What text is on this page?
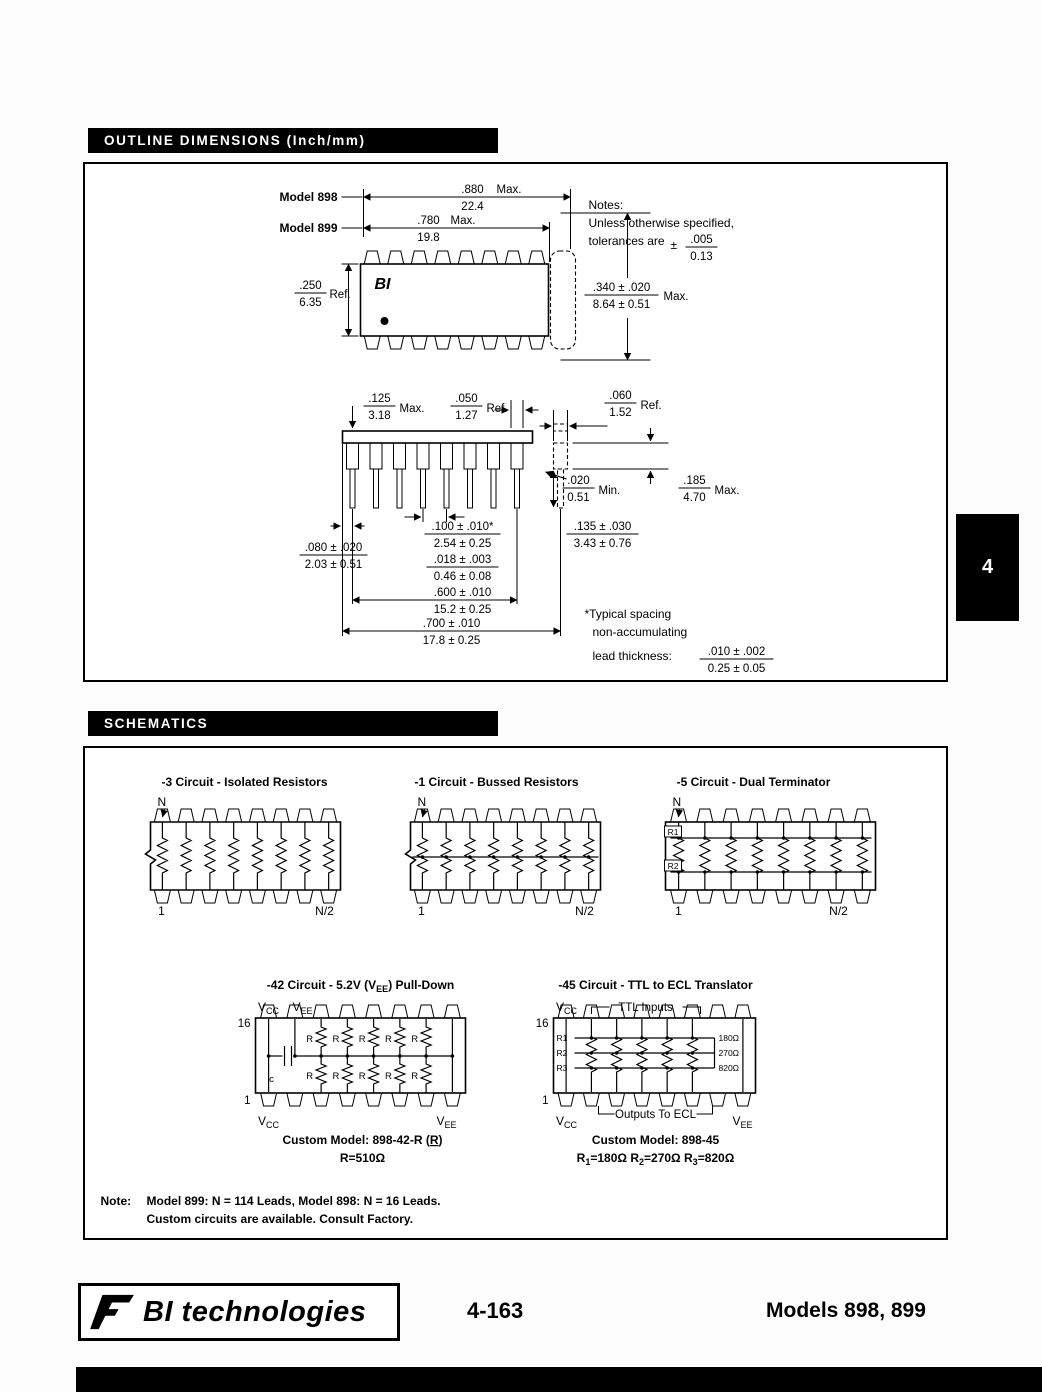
OUTLINE DIMENSIONS (Inch/mm)
BI
Model 898	.880 Max.
22.4
Model 899	.780 Max.
19.8
.250
6.35
Ref.
.340 ± .020
8.64 ± 0.51
Max.
Notes:
Unless otherwise specified,
tolerances are ± .005
0.13
.125
3.18
Max.
.050
1.27
Ref.
.060
1.52
Ref.
.020
0.51
Min.
.185
4.70
Max.
.100 ± .010*
2.54 ± 0.25
.018 ± .003
0.46 ± 0.08
.080 ± .020
2.03 ± 0.51
.600 ± .010
15.2 ± 0.25
.700 ± .010
17.8 ± 0.25
.135 ± .030
3.43 ± 0.76
*Typical spacing
non-accumulating
lead thickness:	.010 ± .002
0.25 ± 0.05
4
SCHEMATICS
-3 Circuit - Isolated Resistors
N
1	N/2
-1 Circuit - Bussed Resistors
N
1	N/2
-5 Circuit - Dual Terminator
N
R1
R2
1	N/2
-42 Circuit - 5.2V $(V_{EE})$ Pull-Down
$V_{CC}$ $V_{EE}$
16
c
R R R R R
R R R R R
1
$V_{CC}$	$V_{EE}$
Custom Model: 898-42-R (R)
R=510Ω
-45 Circuit - TTL to ECL Translator
$V_{CC}$	TTL Inputs
16
R1
R2
R3
180Ω
270Ω
820Ω
1
$V_{CC}$
Outputs To ECL	$V_{EE}$
Custom Model: 898-45
$R_1=180\Omega$ $R_2=270\Omega$ $R_3=820\Omega$
Note: Model 899: N = 114 Leads, Model 898: N = 16 Leads.
Custom circuits are available. Consult Factory.
BI technologies	4-163	Models 898, 899
